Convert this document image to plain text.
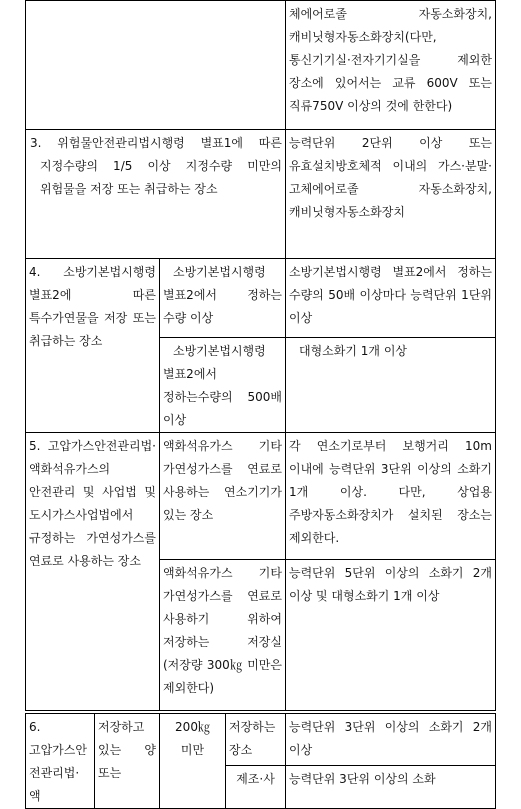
				체에어로졸 자동소화장치, 캐비닛형자동소화장치(다만, 통신기기실·전자기기실을 제외한 장소에 있어서는 교류 600V 또는 직류750V 이상의 것에 한한다)
3. 위험물안전관리법시행령 별표1에 따른 지정수량의 1/5 이상 지정수량 미만의 위험물을 저장 또는 취급하는 장소				능력단위 2단위 이상 또는 유효설치방호체적 이내의 가스·분말·고체에어로졸 자동소화장치, 캐비닛형자동소화장치
4. 소방기본법시행령 별표2에 따른 특수가연물을 저장 또는 취급하는 장소		소방기본법시행령 별표2에서 정하는 수량 이상		소방기본법시행령 별표2에서 정하는 수량의 50배 이상마다 능력단위 1단위 이상
		소방기본법시행령 별표2에서 정하는수량의 500배 이상		대형소화기 1개 이상
5. 고압가스안전관리법·액화석유가스의 안전관리 및 사업법 및 도시가스사업법에서 규정하는 가연성가스를 연료로 사용하는 장소		액화석유가스 기타 가연성가스를 연료로 사용하는 연소기기가 있는 장소		각 연소기로부터 보행거리 10m 이내에 능력단위 3단위 이상의 소화기 1개 이상. 다만, 상업용 주방자동소화장치가 설치된 장소는 제외한다.
		액화석유가스 기타 가연성가스를 연료로 사용하기 위하여 저장하는 저장실(저장량 300㎏ 미만은 제외한다)		능력단위 5단위 이상의 소화기 2개 이상 및 대형소화기 1개 이상

6. 고압가스안전관리법· 액	저장하고 있는 양 또는	200㎏ 미만	저장하는 장소	능력단위 3단위 이상의 소화기 2개 이상
			제조·사	능력단위 3단위 이상의 소화
